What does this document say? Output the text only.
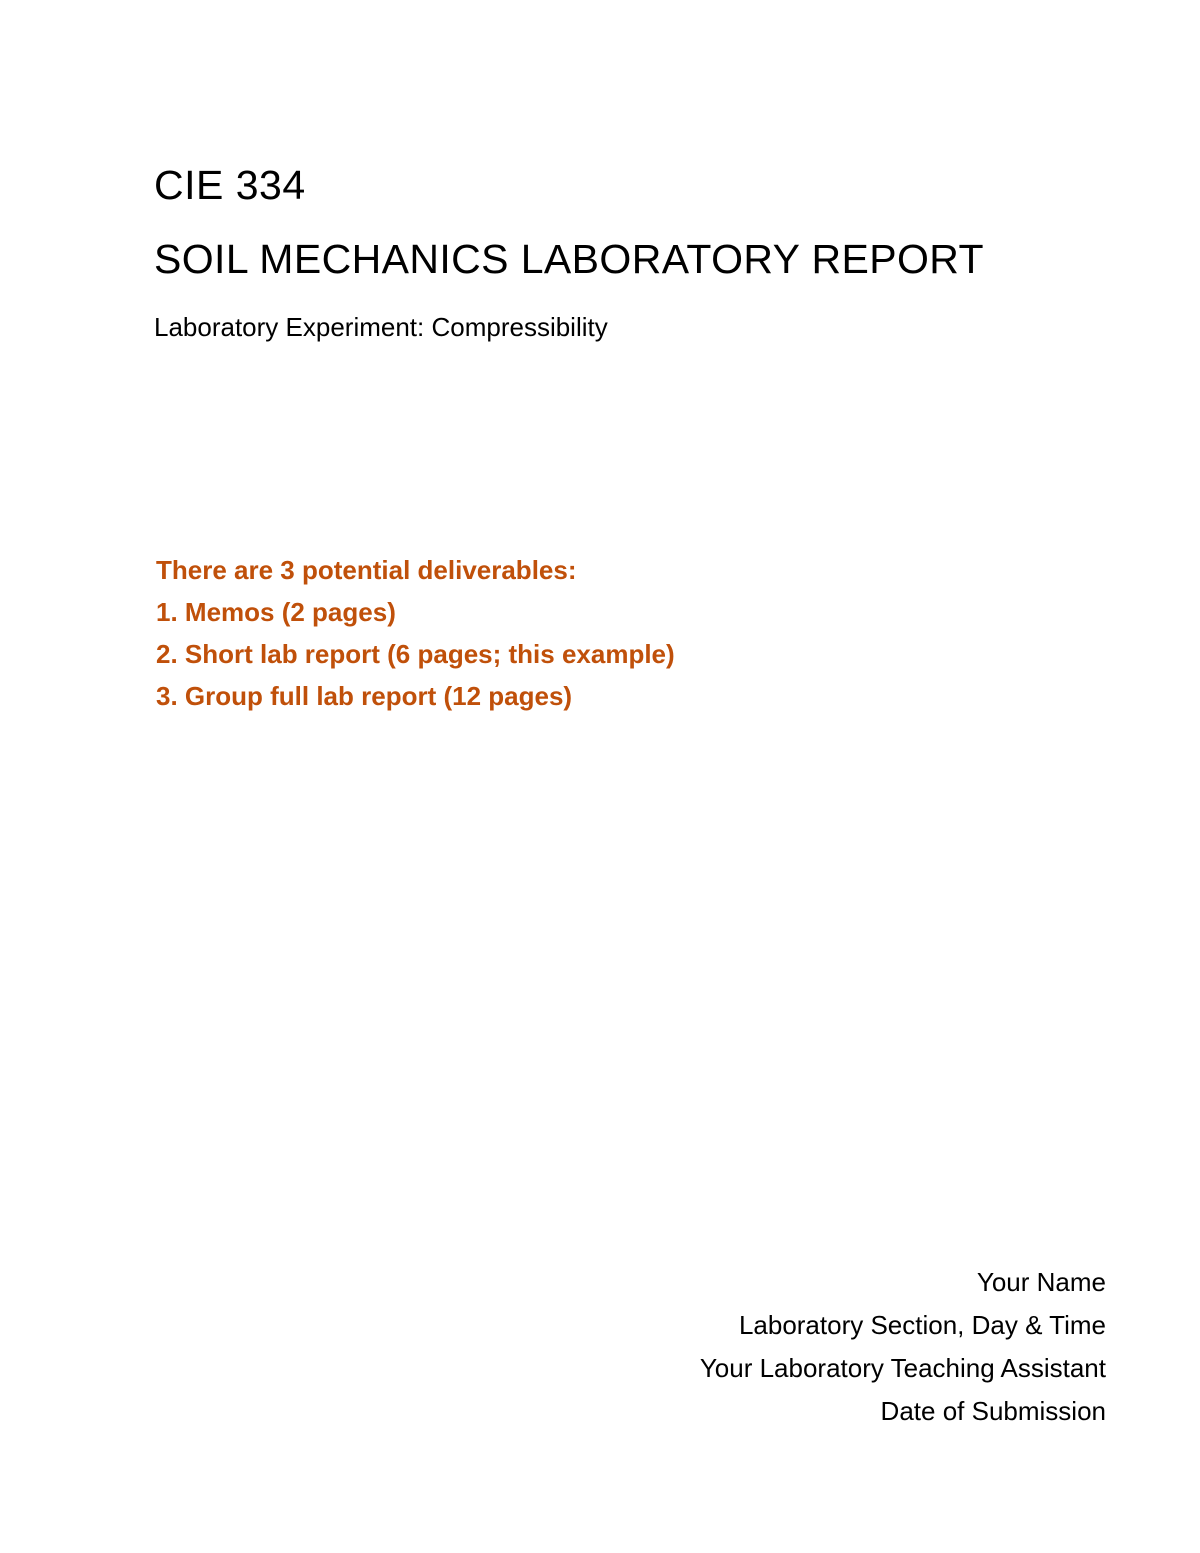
CIE 334
SOIL MECHANICS LABORATORY REPORT
Laboratory Experiment: Compressibility
There are 3 potential deliverables:
1. Memos (2 pages)
2. Short lab report (6 pages; this example)
3. Group full lab report (12 pages)
Your Name
Laboratory Section, Day & Time
Your Laboratory Teaching Assistant
Date of Submission
